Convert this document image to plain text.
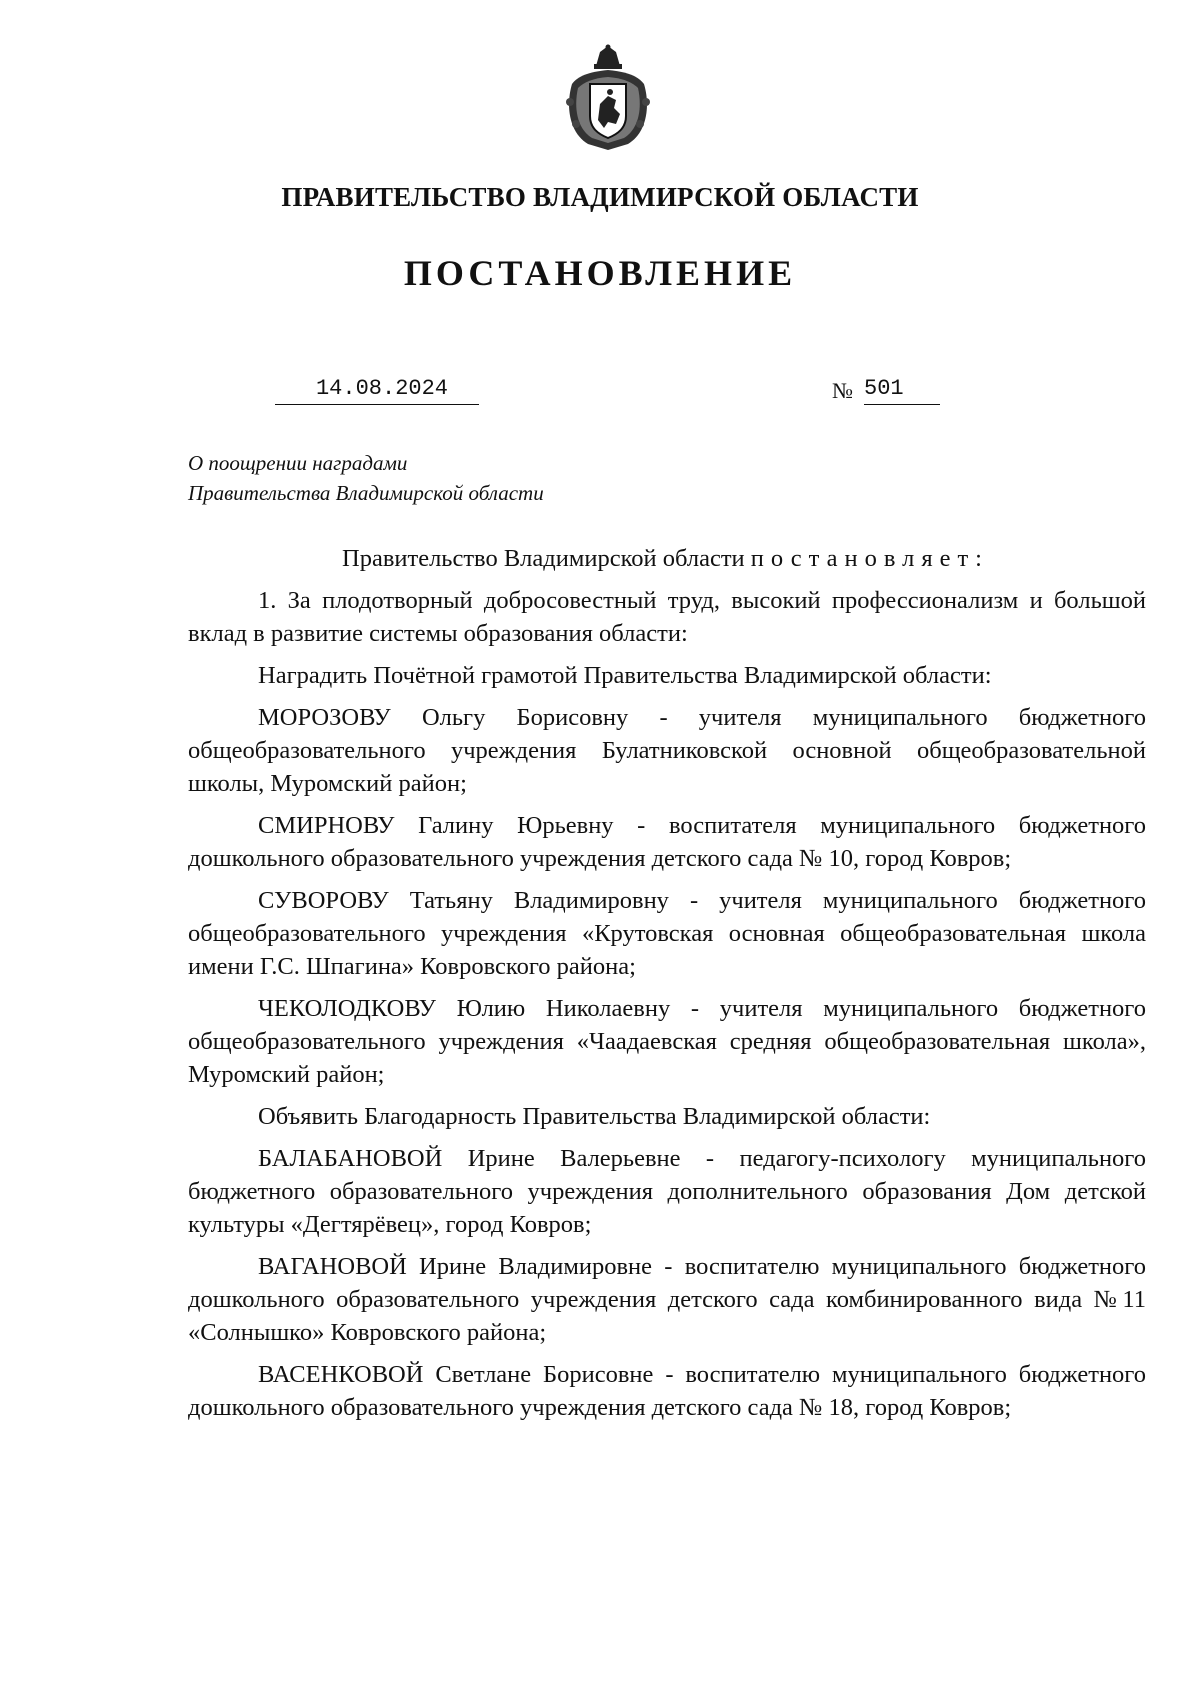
ПРАВИТЕЛЬСТВО ВЛАДИМИРСКОЙ ОБЛАСТИ
ПОСТАНОВЛЕНИЕ
14.08.2024	№ 501
О поощрении наградами
Правительства Владимирской области

Правительство Владимирской области постановляет:

1. За плодотворный добросовестный труд, высокий профессионализм и большой вклад в развитие системы образования области:

Наградить Почётной грамотой Правительства Владимирской области:

МОРОЗОВУ Ольгу Борисовну - учителя муниципального бюджетного общеобразовательного учреждения Булатниковской основной общеобразовательной школы, Муромский район;

СМИРНОВУ Галину Юрьевну - воспитателя муниципального бюджетного дошкольного образовательного учреждения детского сада № 10, город Ковров;

СУВОРОВУ Татьяну Владимировну - учителя муниципального бюджетного общеобразовательного учреждения «Крутовская основная общеобразовательная школа имени Г.С. Шпагина» Ковровского района;

ЧЕКОЛОДКОВУ Юлию Николаевну - учителя муниципального бюджетного общеобразовательного учреждения «Чаадаевская средняя общеобразовательная школа», Муромский район;

Объявить Благодарность Правительства Владимирской области:

БАЛАБАНОВОЙ Ирине Валерьевне - педагогу-психологу муниципального бюджетного образовательного учреждения дополнительного образования Дом детской культуры «Дегтярёвец», город Ковров;

ВАГАНОВОЙ Ирине Владимировне - воспитателю муниципального бюджетного дошкольного образовательного учреждения детского сада комбинированного вида №11 «Солнышко» Ковровского района;

ВАСЕНКОВОЙ Светлане Борисовне - воспитателю муниципального бюджетного дошкольного образовательного учреждения детского сада № 18, город Ковров;
